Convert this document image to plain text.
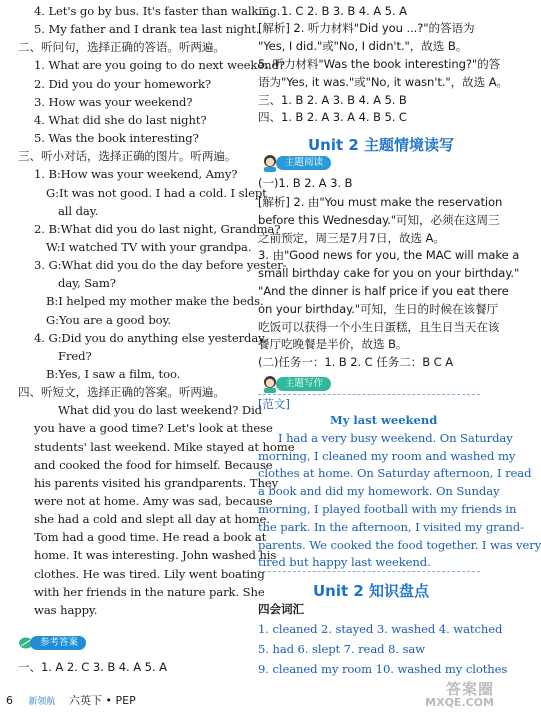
4. Let's go by bus. It's faster than walking.
5. My father and I drank tea last night.
二、听问句，选择正确的答语。听两遍。
1. What are you going to do next weekend?
2. Did you do your homework?
3. How was your weekend?
4. What did she do last night?
5. Was the book interesting?
三、听小对话，选择正确的图片。听两遍。
1. B:How was your weekend, Amy?
G:It was not good. I had a cold. I slept
all day.
2. B:What did you do last night, Grandma?
W:I watched TV with your grandpa.
3. G:What did you do the day before yester-
day, Sam?
B:I helped my mother make the beds.
G:You are a good boy.
4. G:Did you do anything else yesterday,
Fred?
B:Yes, I saw a film, too.
四、听短文，选择正确的答案。听两遍。
What did you do last weekend? Did
you have a good time? Let's look at these
students' last weekend. Mike stayed at home
and cooked the food for himself. Because
his parents visited his grandparents. They
were not at home. Amy was sad, because
she had a cold and slept all day at home.
Tom had a good time. He read a book at
home. It was interesting. John washed his
clothes. He was tired. Lily went boating
with her friends in the nature park. She
was happy.
参考答案
一、1. A 2. C 3. B 4. A 5. A
二、1. C 2. B 3. B 4. A 5. A
[解析] 2. 听力材料"Did you ...?"的答语为
"Yes, I did."或"No, I didn't."，故选 B。
5. 听力材料"Was the book interesting?"的答
语为"Yes, it was."或"No, it wasn't."，故选 A。
三、1. B 2. A 3. B 4. A 5. B
四、1. B 2. A 3. A 4. B 5. C
Unit 2 主题情境读写
主题阅读
(一)1. B 2. A 3. B
[解析] 2. 由"You must make the reservation
before this Wednesday."可知，必须在这周三
之前预定，周三是7月7日，故选 A。
3. 由"Good news for you, the MAC will make a
small birthday cake for you on your birthday."
"And the dinner is half price if you eat there
on your birthday."可知，生日的时候在该餐厅
吃饭可以获得一个小生日蛋糕，且生日当天在该
餐厅吃晚餐是半价，故选 B。
(二)任务一：1. B 2. C 任务二：B C A
主题写作
[范文]
My last weekend
I had a very busy weekend. On Saturday
morning, I cleaned my room and washed my
clothes at home. On Saturday afternoon, I read
a book and did my homework. On Sunday
morning, I played football with my friends in
the park. In the afternoon, I visited my grand-
parents. We cooked the food together. I was very
tired but happy last weekend.
Unit 2 知识盘点
四会词汇
1. cleaned 2. stayed 3. washed 4. watched
5. had 6. slept 7. read 8. saw
9. cleaned my room 10. washed my clothes
6 新领航 六英下 • PEP
答案圈
MXQE.COM
